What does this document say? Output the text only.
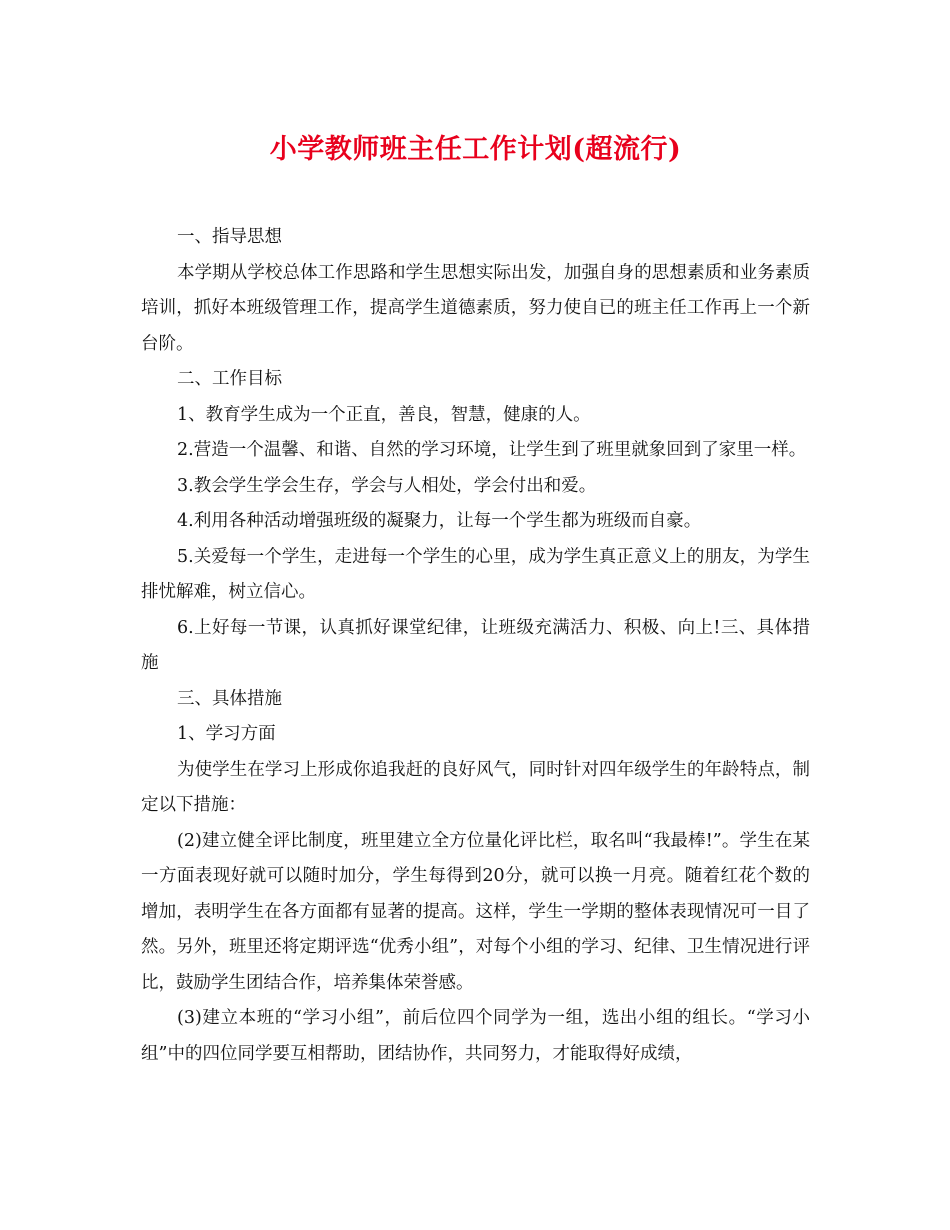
小学教师班主任工作计划(超流行)

一、指导思想

本学期从学校总体工作思路和学生思想实际出发，加强自身的思想素质和业务素质培训，抓好本班级管理工作，提高学生道德素质，努力使自已的班主任工作再上一个新台阶。

二、工作目标

1、教育学生成为一个正直，善良，智慧，健康的人。

2.营造一个温馨、和谐、自然的学习环境，让学生到了班里就象回到了家里一样。

3.教会学生学会生存，学会与人相处，学会付出和爱。

4.利用各种活动增强班级的凝聚力，让每一个学生都为班级而自豪。

5.关爱每一个学生，走进每一个学生的心里，成为学生真正意义上的朋友，为学生排忧解难，树立信心。

6.上好每一节课，认真抓好课堂纪律，让班级充满活力、积极、向上!三、具体措施

三、具体措施

1、学习方面

为使学生在学习上形成你追我赶的良好风气，同时针对四年级学生的年龄特点，制定以下措施：

(2)建立健全评比制度，班里建立全方位量化评比栏，取名叫“我最棒!”。学生在某一方面表现好就可以随时加分，学生每得到20分，就可以换一月亮。随着红花个数的增加，表明学生在各方面都有显著的提高。这样，学生一学期的整体表现情况可一目了然。另外，班里还将定期评选“优秀小组”，对每个小组的学习、纪律、卫生情况进行评比，鼓励学生团结合作，培养集体荣誉感。

(3)建立本班的“学习小组”，前后位四个同学为一组，选出小组的组长。“学习小组”中的四位同学要互相帮助，团结协作，共同努力，才能取得好成绩，
